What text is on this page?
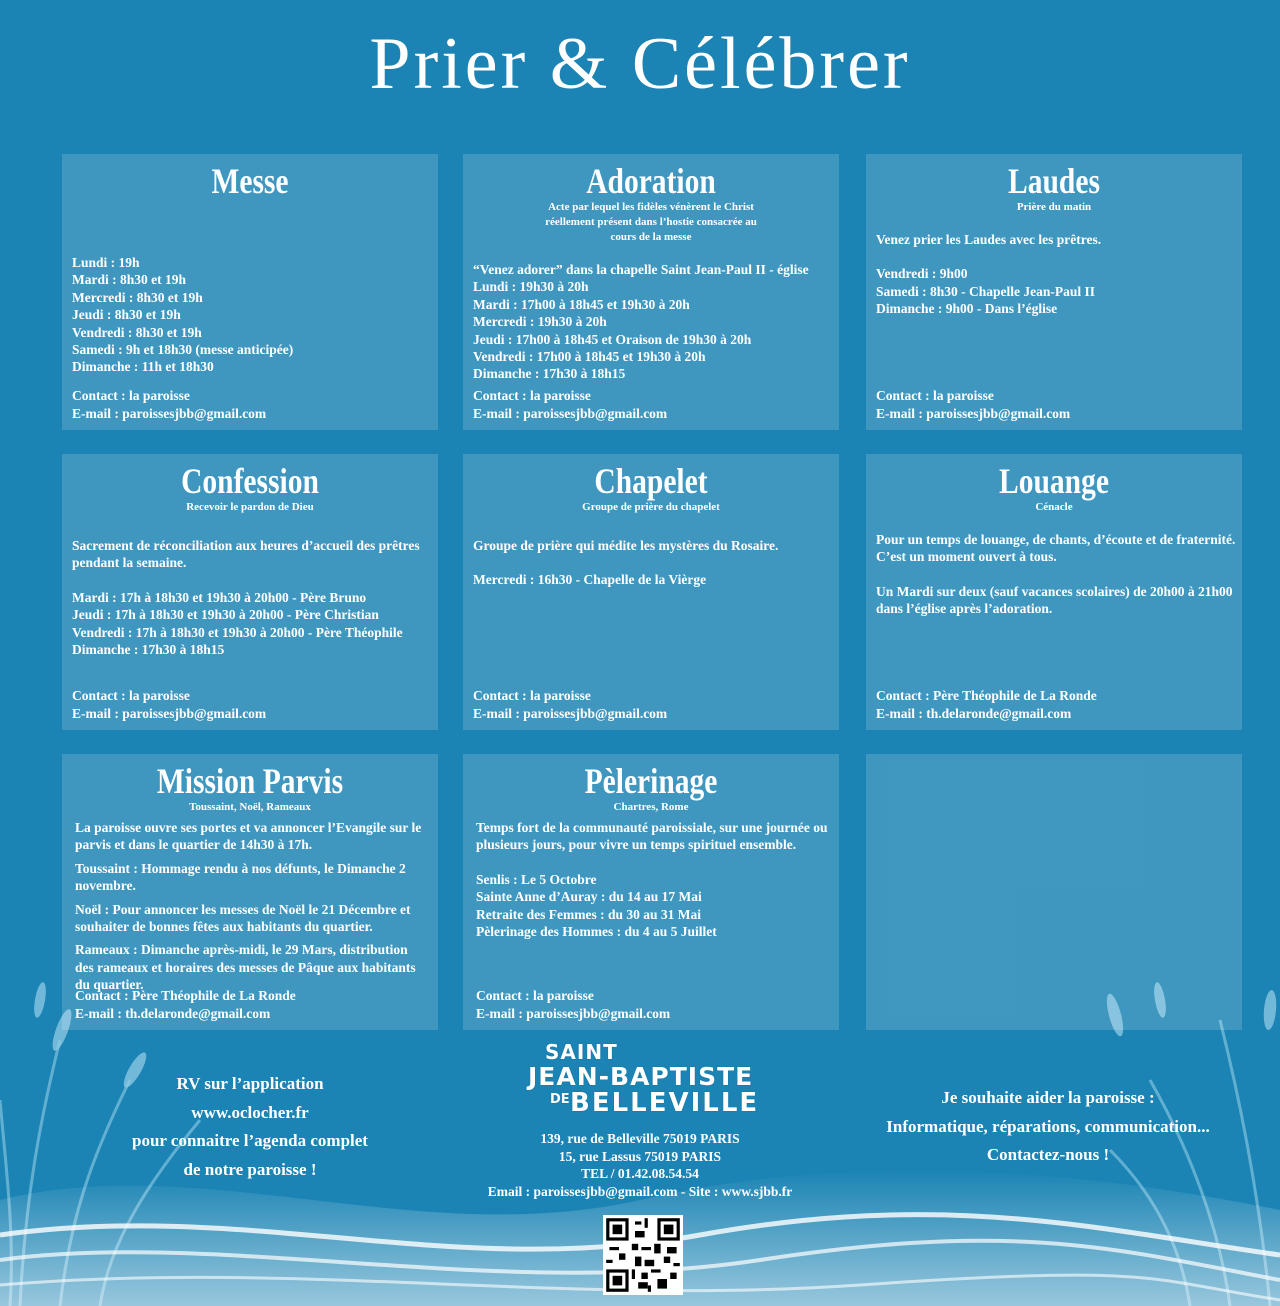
Prier & Célébrer
Messe
Lundi : 19h
Mardi : 8h30 et 19h
Mercredi : 8h30 et 19h
Jeudi : 8h30 et 19h
Vendredi : 8h30 et 19h
Samedi : 9h et 18h30 (messe anticipée)
Dimanche : 11h et 18h30
Contact : la paroisse
E-mail : paroissesjbb@gmail.com
Adoration
Acte par lequel les fidèles vénèrent le Christ réellement présent dans l’hostie consacrée au cours de la messe
“Venez adorer” dans la chapelle Saint Jean-Paul II - église
Lundi : 19h30 à 20h
Mardi : 17h00 à 18h45 et 19h30 à 20h
Mercredi : 19h30 à 20h
Jeudi : 17h00 à 18h45 et Oraison de 19h30 à 20h
Vendredi : 17h00 à 18h45 et 19h30 à 20h
Dimanche : 17h30 à 18h15
Contact : la paroisse
E-mail : paroissesjbb@gmail.com
Laudes
Prière du matin
Venez prier les Laudes avec les prêtres.
Vendredi : 9h00
Samedi : 8h30 - Chapelle Jean-Paul II
Dimanche : 9h00 - Dans l’église
Contact : la paroisse
E-mail : paroissesjbb@gmail.com
Confession
Recevoir le pardon de Dieu
Sacrement de réconciliation aux heures d’accueil des prêtres
pendant la semaine.
Mardi : 17h à 18h30 et 19h30 à 20h00 - Père Bruno
Jeudi : 17h à 18h30 et 19h30 à 20h00 - Père Christian
Vendredi : 17h à 18h30 et 19h30 à 20h00 - Père Théophile
Dimanche : 17h30 à 18h15
Contact : la paroisse
E-mail : paroissesjbb@gmail.com
Chapelet
Groupe de prière du chapelet
Groupe de prière qui médite les mystères du Rosaire.
Mercredi : 16h30 - Chapelle de la Vièrge
Contact : la paroisse
E-mail : paroissesjbb@gmail.com
Louange
Cénacle
Pour un temps de louange, de chants, d’écoute et de fraternité.
C’est un moment ouvert à tous.
Un Mardi sur deux (sauf vacances scolaires) de 20h00 à 21h00
dans l’église après l’adoration.
Contact : Père Théophile de La Ronde
E-mail : th.delaronde@gmail.com
Mission Parvis
Toussaint, Noël, Rameaux
La paroisse ouvre ses portes et va annoncer l’Evangile sur le parvis et dans le quartier de 14h30 à 17h.
Toussaint : Hommage rendu à nos défunts, le Dimanche 2 novembre.
Noël : Pour annoncer les messes de Noël le 21 Décembre et souhaiter de bonnes fêtes aux habitants du quartier.
Rameaux : Dimanche après-midi, le 29 Mars, distribution des rameaux et horaires des messes de Pâque aux habitants du quartier.
Contact : Père Théophile de La Ronde
E-mail : th.delaronde@gmail.com
Pèlerinage
Chartres, Rome
Temps fort de la communauté paroissiale, sur une journée ou
plusieurs jours, pour vivre un temps spirituel ensemble.
Senlis : Le 5 Octobre
Sainte Anne d’Auray : du 14 au 17 Mai
Retraite des Femmes : du 30 au 31 Mai
Pèlerinage des Hommes : du 4 au 5 Juillet
Contact : la paroisse
E-mail : paroissesjbb@gmail.com
RV sur l’application
www.oclocher.fr
pour connaitre l’agenda complet
de notre paroisse !
Je souhaite aider la paroisse :
Informatique, réparations, communication...
Contactez-nous !
SAINT
JEAN-BAPTISTE
DE BELLEVILLE
139, rue de Belleville 75019 PARIS
15, rue Lassus 75019 PARIS
TEL / 01.42.08.54.54
Email : paroissesjbb@gmail.com - Site : www.sjbb.fr
